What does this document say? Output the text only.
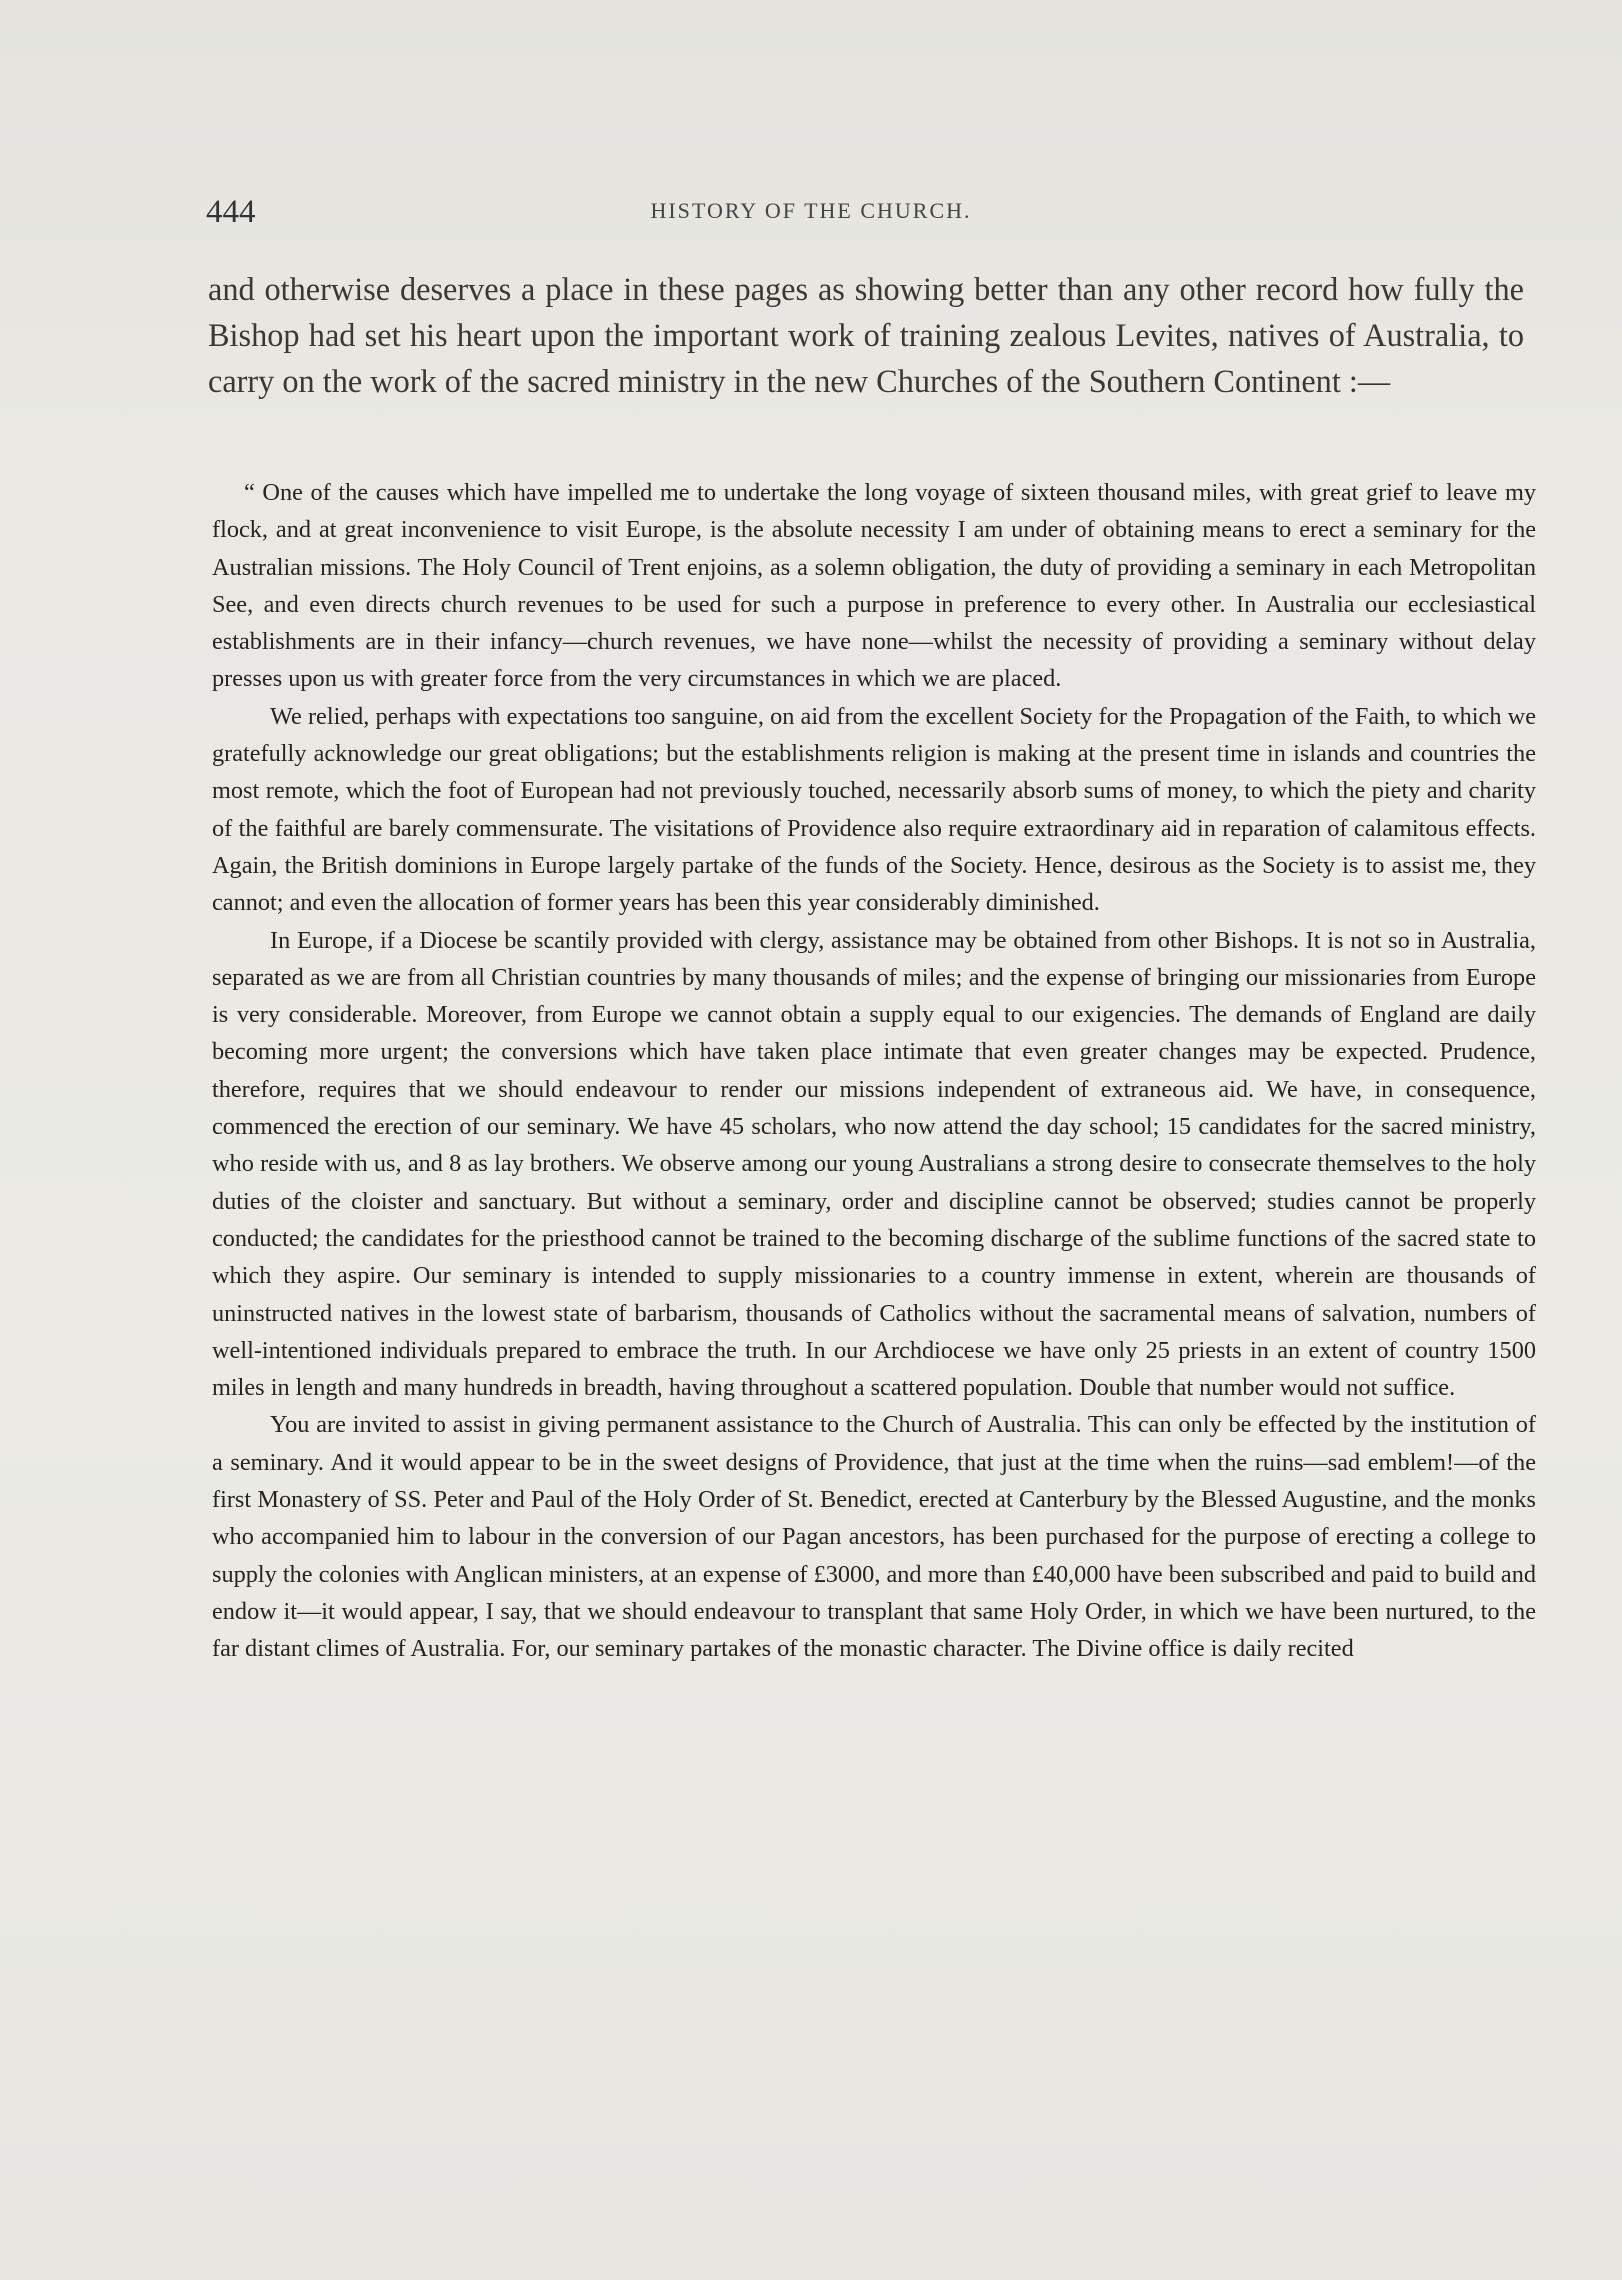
444	HISTORY OF THE CHURCH.

and otherwise deserves a place in these pages as showing better than any other record how fully the Bishop had set his heart upon the important work of training zealous Levites, natives of Australia, to carry on the work of the sacred ministry in the new Churches of the Southern Continent :—

“ One of the causes which have impelled me to undertake the long voyage of sixteen thousand miles, with great grief to leave my flock, and at great inconvenience to visit Europe, is the absolute necessity I am under of obtaining means to erect a seminary for the Australian missions. The Holy Council of Trent enjoins, as a solemn obligation, the duty of providing a seminary in each Metropolitan See, and even directs church revenues to be used for such a purpose in preference to every other. In Australia our ecclesiastical establishments are in their infancy—church revenues, we have none—whilst the necessity of providing a seminary without delay presses upon us with greater force from the very circumstances in which we are placed.

We relied, perhaps with expectations too sanguine, on aid from the excellent Society for the Propagation of the Faith, to which we gratefully acknowledge our great obligations; but the establishments religion is making at the present time in islands and countries the most remote, which the foot of European had not previously touched, necessarily absorb sums of money, to which the piety and charity of the faithful are barely commensurate. The visitations of Providence also require extraordinary aid in reparation of calamitous effects. Again, the British dominions in Europe largely partake of the funds of the Society. Hence, desirous as the Society is to assist me, they cannot; and even the allocation of former years has been this year considerably diminished.

In Europe, if a Diocese be scantily provided with clergy, assistance may be obtained from other Bishops. It is not so in Australia, separated as we are from all Christian countries by many thousands of miles; and the expense of bringing our missionaries from Europe is very considerable. Moreover, from Europe we cannot obtain a supply equal to our exigencies. The demands of England are daily becoming more urgent; the conversions which have taken place intimate that even greater changes may be expected. Prudence, therefore, requires that we should endeavour to render our missions independent of extraneous aid. We have, in consequence, commenced the erection of our seminary. We have 45 scholars, who now attend the day school; 15 candidates for the sacred ministry, who reside with us, and 8 as lay brothers. We observe among our young Australians a strong desire to consecrate themselves to the holy duties of the cloister and sanctuary. But without a seminary, order and discipline cannot be observed; studies cannot be properly conducted; the candidates for the priesthood cannot be trained to the becoming discharge of the sublime functions of the sacred state to which they aspire. Our seminary is intended to supply missionaries to a country immense in extent, wherein are thousands of uninstructed natives in the lowest state of barbarism, thousands of Catholics without the sacramental means of salvation, numbers of well-intentioned individuals prepared to embrace the truth. In our Archdiocese we have only 25 priests in an extent of country 1500 miles in length and many hundreds in breadth, having throughout a scattered population. Double that number would not suffice.

You are invited to assist in giving permanent assistance to the Church of Australia. This can only be effected by the institution of a seminary. And it would appear to be in the sweet designs of Providence, that just at the time when the ruins—sad emblem!—of the first Monastery of SS. Peter and Paul of the Holy Order of St. Benedict, erected at Canterbury by the Blessed Augustine, and the monks who accompanied him to labour in the conversion of our Pagan ancestors, has been purchased for the purpose of erecting a college to supply the colonies with Anglican ministers, at an expense of £3000, and more than £40,000 have been subscribed and paid to build and endow it—it would appear, I say, that we should endeavour to transplant that same Holy Order, in which we have been nurtured, to the far distant climes of Australia. For, our seminary partakes of the monastic character. The Divine office is daily recited
